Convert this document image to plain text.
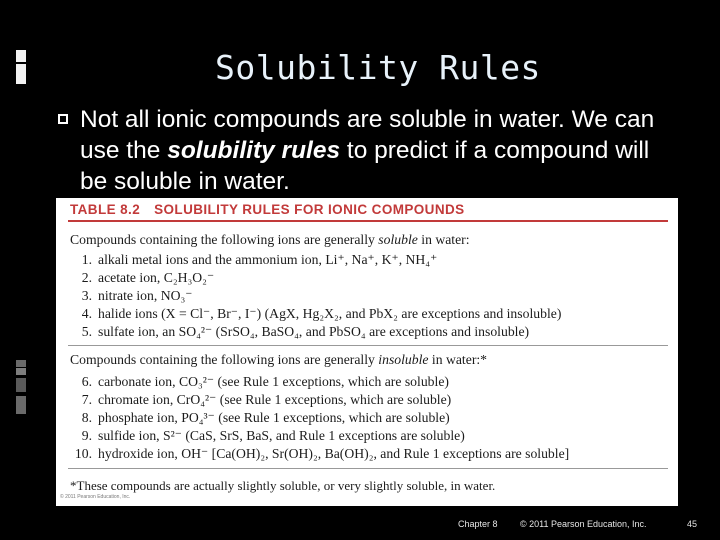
Solubility Rules
Not all ionic compounds are soluble in water. We can use the solubility rules to predict if a compound will be soluble in water.
TABLE 8.2 SOLUBILITY RULES FOR IONIC COMPOUNDS
Compounds containing the following ions are generally soluble in water:
1. alkali metal ions and the ammonium ion, Li⁺, Na⁺, K⁺, NH₄⁺
2. acetate ion, C₂H₃O₂⁻
3. nitrate ion, NO₃⁻
4. halide ions (X = Cl⁻, Br⁻, I⁻) (AgX, Hg₂X₂, and PbX₂ are exceptions and insoluble)
5. sulfate ion, an SO₄²⁻ (SrSO₄, BaSO₄, and PbSO₄ are exceptions and insoluble)
Compounds containing the following ions are generally insoluble in water:*
6. carbonate ion, CO₃²⁻ (see Rule 1 exceptions, which are soluble)
7. chromate ion, CrO₄²⁻ (see Rule 1 exceptions, which are soluble)
8. phosphate ion, PO₄³⁻ (see Rule 1 exceptions, which are soluble)
9. sulfide ion, S²⁻ (CaS, SrS, BaS, and Rule 1 exceptions are soluble)
10. hydroxide ion, OH⁻ [Ca(OH)₂, Sr(OH)₂, Ba(OH)₂, and Rule 1 exceptions are soluble]
*These compounds are actually slightly soluble, or very slightly soluble, in water.
© 2011 Pearson Education, Inc.
Chapter 8 © 2011 Pearson Education, Inc.	45
